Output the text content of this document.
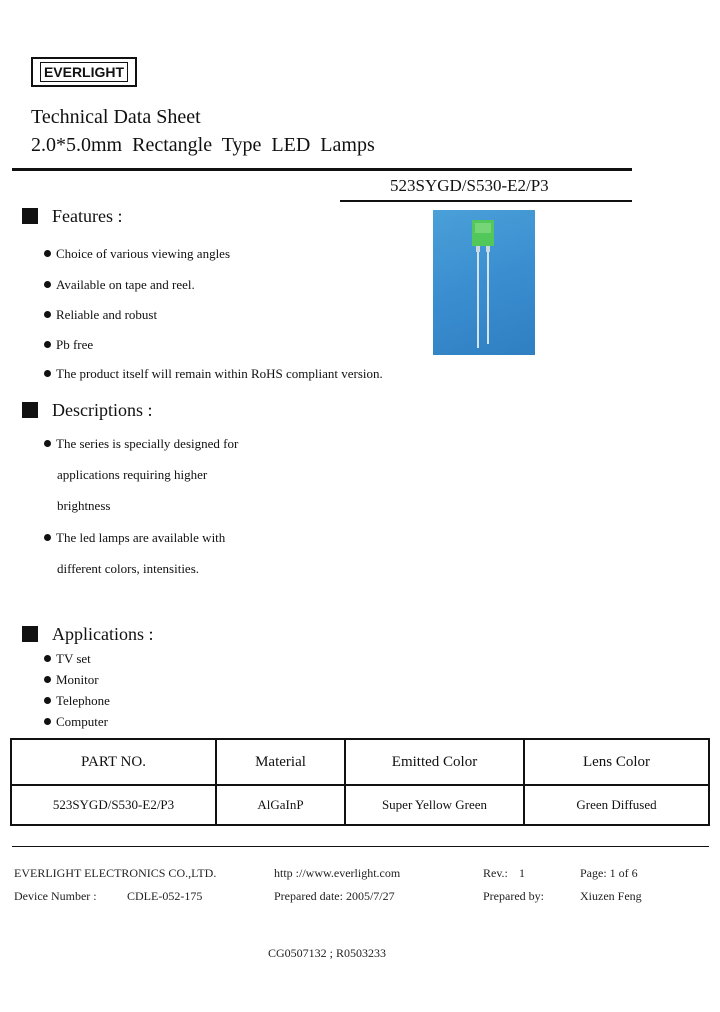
EVERLIGHT
Technical Data Sheet
2.0*5.0mm Rectangle Type LED Lamps
523SYGD/S530-E2/P3
Features :
Choice of various viewing angles
Available on tape and reel.
Reliable and robust
Pb free
The product itself will remain within RoHS compliant version.
Descriptions :
The series is specially designed for
applications requiring higher
brightness
The led lamps are available with
different colors, intensities.
Applications :
TV set
Monitor
Telephone
Computer
PART NO.	Material	Emitted Color	Lens Color
523SYGD/S530-E2/P3	AlGaInP	Super Yellow Green	Green Diffused
EVERLIGHT ELECTRONICS CO.,LTD.	http ://www.everlight.com	Rev.: 1	Page: 1 of 6
Device Number :	CDLE-052-175	Prepared date: 2005/7/27	Prepared by:	Xiuzen Feng
CG0507132 ; R0503233
